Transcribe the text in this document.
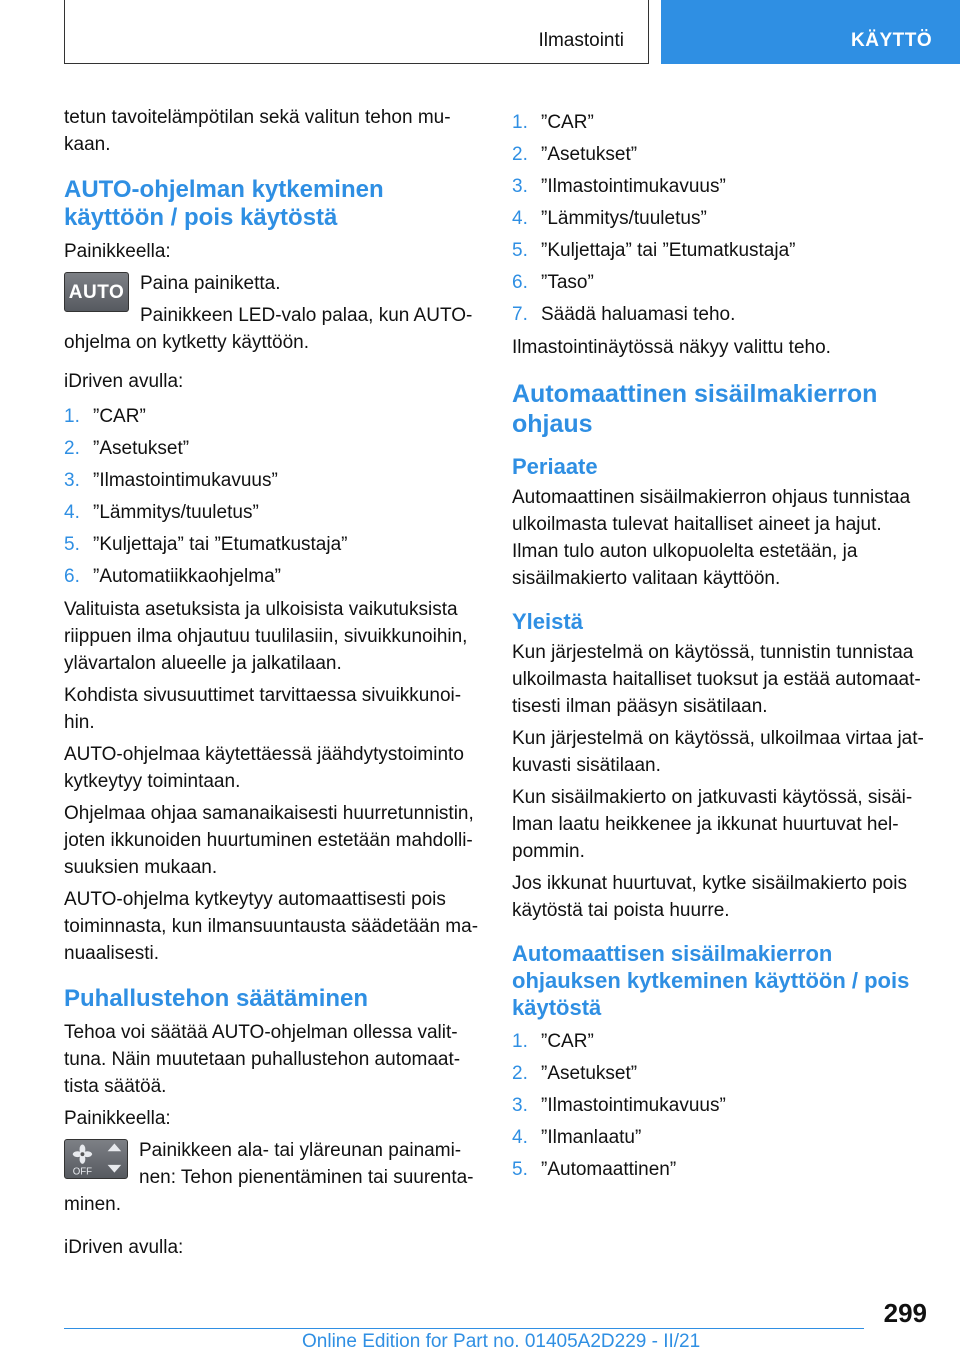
Ilmastointi	KÄYTTÖ

tetun tavoitelämpötilan sekä valitun tehon mu-kaan.

AUTO-ohjelman kytkeminen käyttöön / pois käytöstä

Painikkeella:

AUTO Paina painiketta.

Painikkeen LED-valo palaa, kun AUTO-ohjelma on kytketty käyttöön.

iDriven avulla:

1. ”CAR”
2. ”Asetukset”
3. ”Ilmastointimukavuus”
4. ”Lämmitys/tuuletus”
5. ”Kuljettaja” tai ”Etumatkustaja”
6. ”Automatiikkaohjelma”

Valituista asetuksista ja ulkoisista vaikutuksista riippuen ilma ohjautuu tuulilasiin, sivuikkunoihin, ylävartalon alueelle ja jalkatilaan.

Kohdista sivusuuttimet tarvittaessa sivuikkunoi-hin.

AUTO-ohjelmaa käytettäessä jäähdytystoiminto kytkeytyy toimintaan.

Ohjelmaa ohjaa samanaikaisesti huurretunnistin, joten ikkunoiden huurtuminen estetään mahdolli-suuksien mukaan.

AUTO-ohjelma kytkeytyy automaattisesti pois toiminnasta, kun ilmansuuntausta säädetään ma-nuaalisesti.

Puhallustehon säätäminen

Tehoa voi säätää AUTO-ohjelman ollessa valit-tuna. Näin muutetaan puhallustehon automaat-tista säätöä.

Painikkeella:

OFF

Painikkeen ala- tai yläreunan painami-nen: Tehon pienentäminen tai suurenta-minen.

iDriven avulla:

1. ”CAR”
2. ”Asetukset”
3. ”Ilmastointimukavuus”
4. ”Lämmitys/tuuletus”
5. ”Kuljettaja” tai ”Etumatkustaja”
6. ”Taso”
7. Säädä haluamasi teho.

Ilmastointinäytössä näkyy valittu teho.

Automaattinen sisäilmakierron ohjaus
Periaate

Automaattinen sisäilmakierron ohjaus tunnistaa ulkoilmasta tulevat haitalliset aineet ja hajut. Ilman tulo auton ulkopuolelta estetään, ja sisäilmakierto valitaan käyttöön.

Yleistä

Kun järjestelmä on käytössä, tunnistin tunnistaa ulkoilmasta haitalliset tuoksut ja estää automaat-tisesti ilman pääsyn sisätilaan.

Kun järjestelmä on käytössä, ulkoilmaa virtaa jat-kuvasti sisätilaan.

Kun sisäilmakierto on jatkuvasti käytössä, sisäi-lman laatu heikkenee ja ikkunat huurtuvat hel-pommin.

Jos ikkunat huurtuvat, kytke sisäilmakierto pois käytöstä tai poista huurre.

Automaattisen sisäilmakierron ohjauksen kytkeminen käyttöön / pois käytöstä
1. ”CAR”
2. ”Asetukset”
3. ”Ilmastointimukavuus”
4. ”Ilmanlaatu”
5. ”Automaattinen”
299
Online Edition for Part no. 01405A2D229 - II/21
